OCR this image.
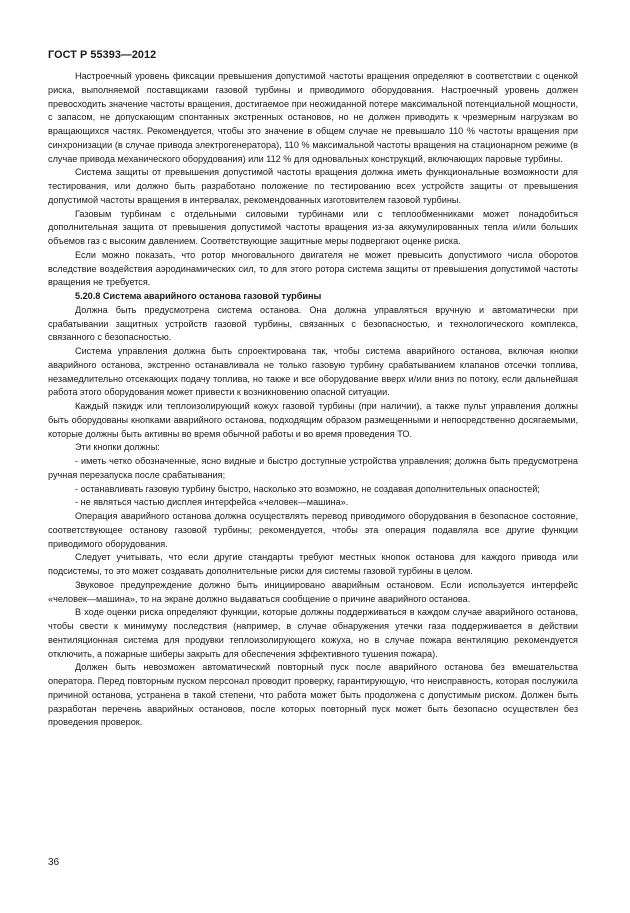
ГОСТ Р 55393—2012

Настроечный уровень фиксации превышения допустимой частоты вращения определяют в соответствии с оценкой риска, выполняемой поставщиками газовой турбины и приводимого оборудования. Настроечный уровень должен превосходить значение частоты вращения, достигаемое при неожиданной потере максимальной потенциальной мощности, с запасом, не допускающим спонтанных экстренных остановов, но не должен приводить к чрезмерным нагрузкам во вращающихся частях. Рекомендуется, чтобы это значение в общем случае не превышало 110 % частоты вращения при синхронизации (в случае привода электрогенератора), 110 % максимальной частоты вращения на стационарном режиме (в случае привода механического оборудования) или 112 % для одновальных конструкций, включающих паровые турбины.

Система защиты от превышения допустимой частоты вращения должна иметь функциональные возможности для тестирования, или должно быть разработано положение по тестированию всех устройств защиты от превышения допустимой частоты вращения в интервалах, рекомендованных изготовителем газовой турбины.

Газовым турбинам с отдельными силовыми турбинами или с теплообменниками может понадобиться дополнительная защита от превышения допустимой частоты вращения из-за аккумулированных тепла и/или больших объемов газ с высоким давлением. Соответствующие защитные меры подвергают оценке риска.

Если можно показать, что ротор многовального двигателя не может превысить допустимого числа оборотов вследствие воздействия аэродинамических сил, то для этого ротора система защиты от превышения допустимой частоты вращения не требуется.

5.20.8 Система аварийного останова газовой турбины

Должна быть предусмотрена система останова. Она должна управляться вручную и автоматически при срабатывании защитных устройств газовой турбины, связанных с безопасностью, и технологического комплекса, связанного с безопасностью.

Система управления должна быть спроектирована так, чтобы система аварийного останова, включая кнопки аварийного останова, экстренно останавливала не только газовую турбину срабатыванием клапанов отсечки топлива, незамедлительно отсекающих подачу топлива, но также и все оборудование вверх и/или вниз по потоку, если дальнейшая работа этого оборудования может привести к возникновению опасной ситуации.

Каждый пэкидж или теплоизолирующий кожух газовой турбины (при наличии), а также пульт управления должны быть оборудованы кнопками аварийного останова, подходящим образом размещенными и непосредственно досягаемыми, которые должны быть активны во время обычной работы и во время проведения ТО.

Эти кнопки должны:

- иметь четко обозначенные, ясно видные и быстро доступные устройства управления; должна быть предусмотрена ручная перезапуска после срабатывания;

- останавливать газовую турбину быстро, насколько это возможно, не создавая дополнительных опасностей;

- не являться частью дисплея интерфейса «человек—машина».

Операция аварийного останова должна осуществлять перевод приводимого оборудования в безопасное состояние, соответствующее останову газовой турбины; рекомендуется, чтобы эта операция подавляла все другие функции приводимого оборудования.

Следует учитывать, что если другие стандарты требуют местных кнопок останова для каждого привода или подсистемы, то это может создавать дополнительные риски для системы газовой турбины в целом.

Звуковое предупреждение должно быть инициировано аварийным остановом. Если используется интерфейс «человек—машина», то на экране должно выдаваться сообщение о причине аварийного останова.

В ходе оценки риска определяют функции, которые должны поддерживаться в каждом случае аварийного останова, чтобы свести к минимуму последствия (например, в случае обнаружения утечки газа поддерживается в действии вентиляционная система для продувки теплоизолирующего кожуха, но в случае пожара вентиляцию рекомендуется отключить, а пожарные шиберы закрыть для обеспечения эффективного тушения пожара).

Должен быть невозможен автоматический повторный пуск после аварийного останова без вмешательства оператора. Перед повторным пуском персонал проводит проверку, гарантирующую, что неисправность, которая послужила причиной останова, устранена в такой степени, что работа может быть продолжена с допустимым риском. Должен быть разработан перечень аварийных остановов, после которых повторный пуск может быть безопасно осуществлен без проведения проверок.

36
